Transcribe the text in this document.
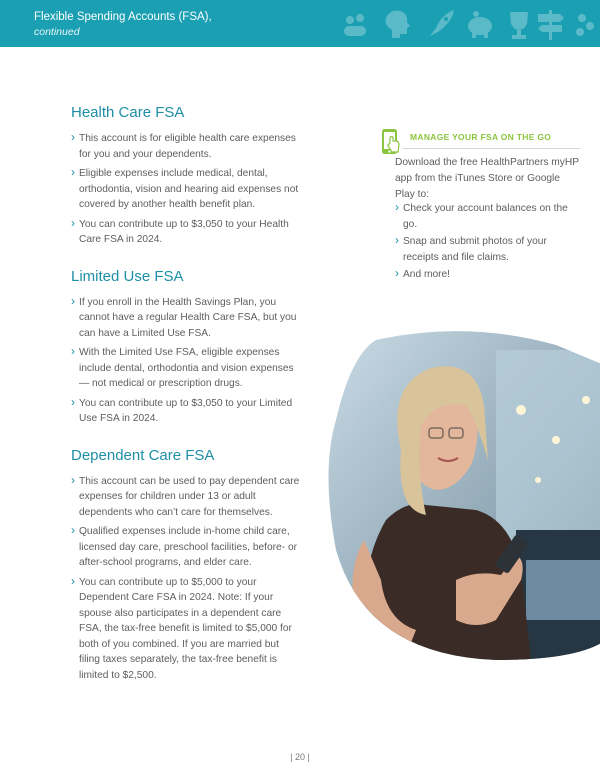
Flexible Spending Accounts (FSA),
continued
Health Care FSA
› This account is for eligible health care expenses for you and your dependents.
› Eligible expenses include medical, dental, orthodontia, vision and hearing aid expenses not covered by another health benefit plan.
› You can contribute up to $3,050 to your Health Care FSA in 2024.
Limited Use FSA
› If you enroll in the Health Savings Plan, you cannot have a regular Health Care FSA, but you can have a Limited Use FSA.
› With the Limited Use FSA, eligible expenses include dental, orthodontia and vision expenses — not medical or prescription drugs.
› You can contribute up to $3,050 to your Limited Use FSA in 2024.
Dependent Care FSA
› This account can be used to pay dependent care expenses for children under 13 or adult dependents who can’t care for themselves.
› Qualified expenses include in-home child care, licensed day care, preschool facilities, before- or after-school programs, and elder care.
› You can contribute up to $5,000 to your Dependent Care FSA in 2024. Note: If your spouse also participates in a dependent care FSA, the tax-free benefit is limited to $5,000 for both of you combined. If you are married but filing taxes separately, the tax-free benefit is limited to $2,500.
MANAGE YOUR FSA ON THE GO
Download the free HealthPartners myHP app from the iTunes Store or Google Play to:
› Check your account balances on the go.
› Snap and submit photos of your receipts and file claims.
› And more!
| 20 |
